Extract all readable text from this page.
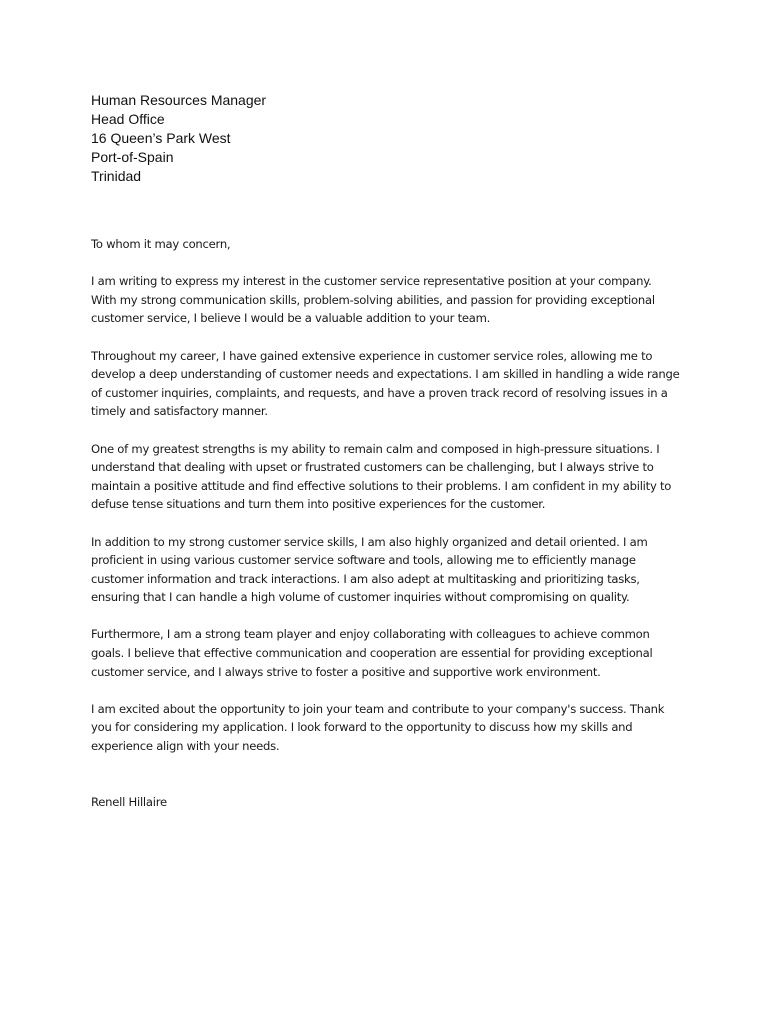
Human Resources Manager
Head Office
16 Queen’s Park West
Port-of-Spain
Trinidad

To whom it may concern,

I am writing to express my interest in the customer service representative position at your company.
With my strong communication skills, problem-solving abilities, and passion for providing exceptional
customer service, I believe I would be a valuable addition to your team.

Throughout my career, I have gained extensive experience in customer service roles, allowing me to
develop a deep understanding of customer needs and expectations. I am skilled in handling a wide range
of customer inquiries, complaints, and requests, and have a proven track record of resolving issues in a
timely and satisfactory manner.

One of my greatest strengths is my ability to remain calm and composed in high-pressure situations. I
understand that dealing with upset or frustrated customers can be challenging, but I always strive to
maintain a positive attitude and find effective solutions to their problems. I am confident in my ability to
defuse tense situations and turn them into positive experiences for the customer.

In addition to my strong customer service skills, I am also highly organized and detail oriented. I am
proficient in using various customer service software and tools, allowing me to efficiently manage
customer information and track interactions. I am also adept at multitasking and prioritizing tasks,
ensuring that I can handle a high volume of customer inquiries without compromising on quality.

Furthermore, I am a strong team player and enjoy collaborating with colleagues to achieve common
goals. I believe that effective communication and cooperation are essential for providing exceptional
customer service, and I always strive to foster a positive and supportive work environment.

I am excited about the opportunity to join your team and contribute to your company's success. Thank
you for considering my application. I look forward to the opportunity to discuss how my skills and
experience align with your needs.

Renell Hillaire
